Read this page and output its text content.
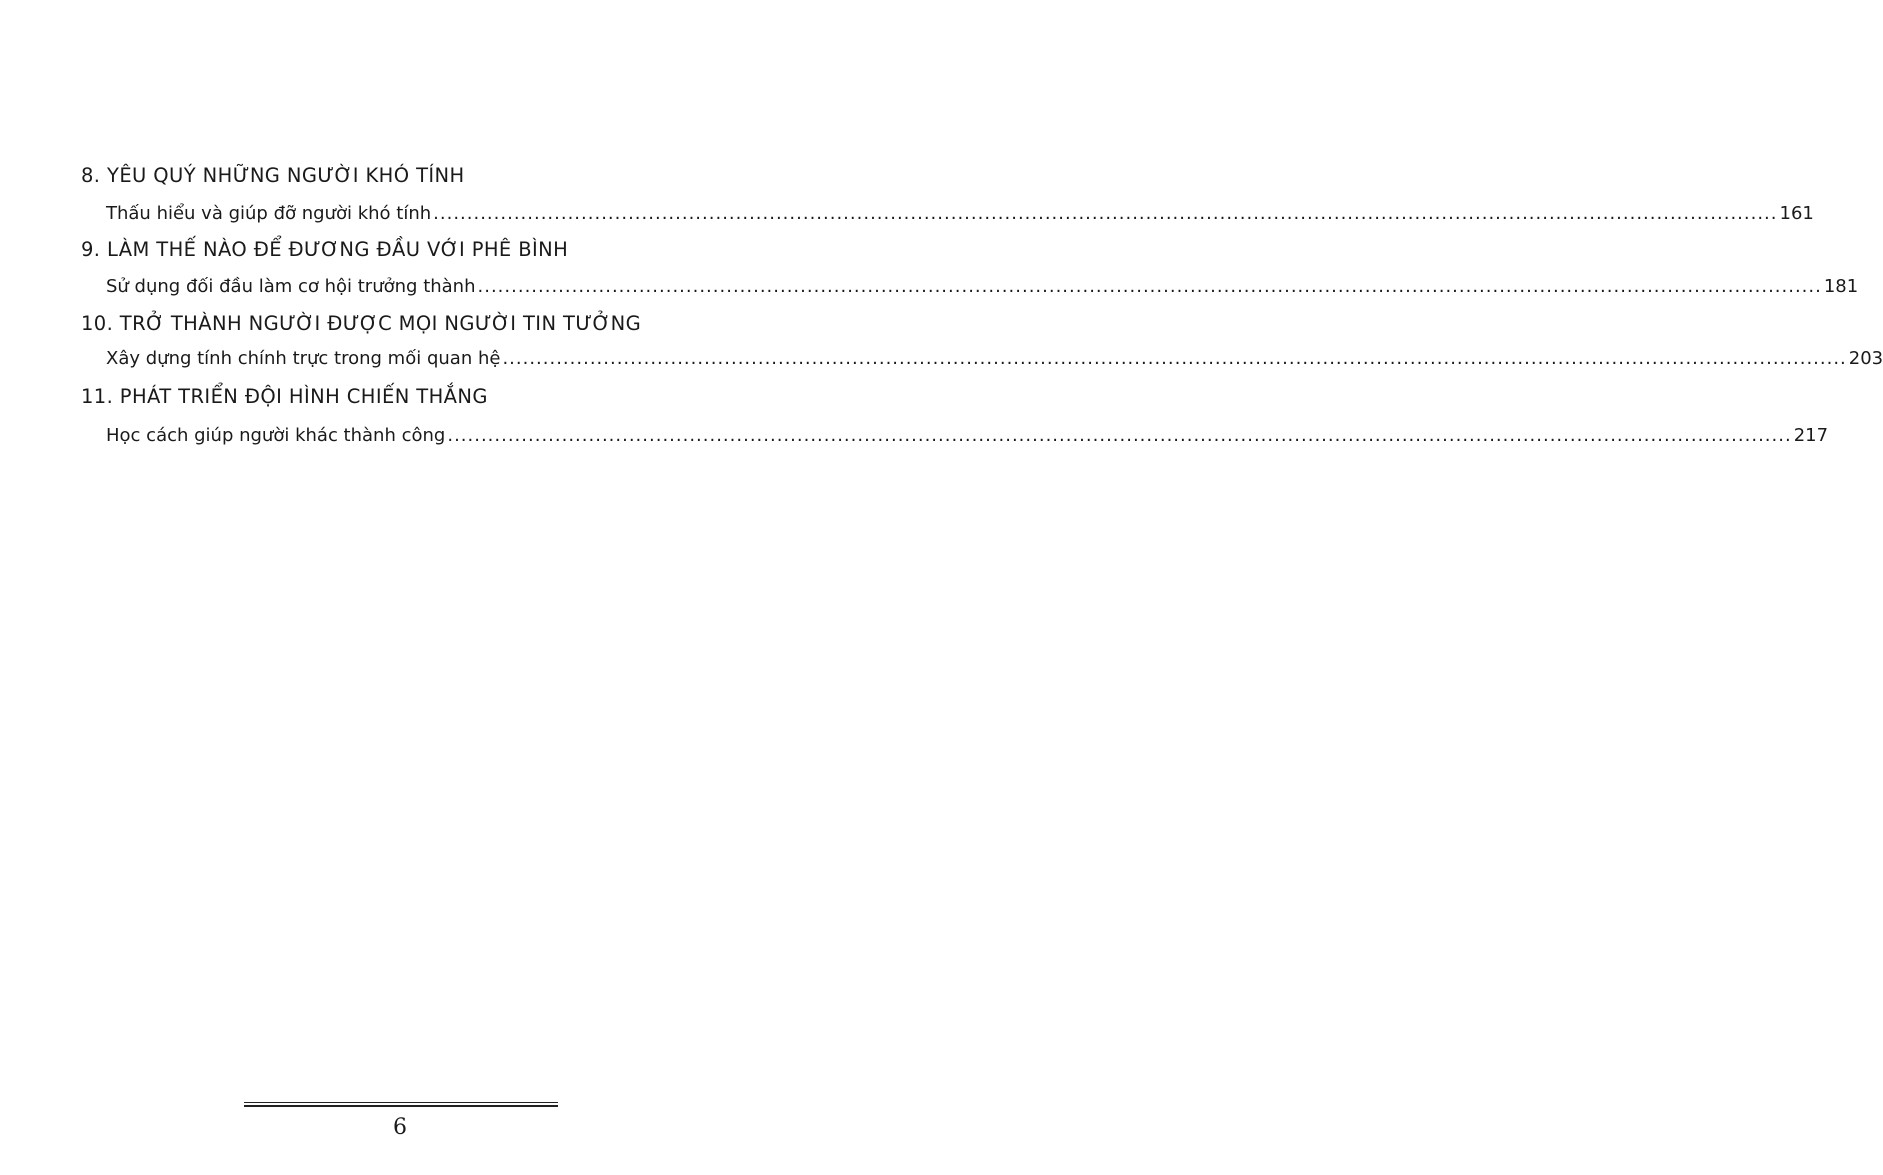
8. YÊU QUÝ NHỮNG NGƯỜI KHÓ TÍNH
Thấu hiểu và giúp đỡ người khó tính ........................................................................................................................................................................................................ 161
9. LÀM THẾ NÀO ĐỂ ĐƯƠNG ĐẦU VỚI PHÊ BÌNH
Sử dụng đối đầu làm cơ hội trưởng thành ........................................................................................................................................................................................................ 181
10. TRỞ THÀNH NGƯỜI ĐƯỢC MỌI NGƯỜI TIN TƯỞNG
Xây dựng tính chính trực trong mối quan hệ ........................................................................................................................................................................................................ 203
11. PHÁT TRIỂN ĐỘI HÌNH CHIẾN THẮNG
Học cách giúp người khác thành công ........................................................................................................................................................................................................ 217
6
